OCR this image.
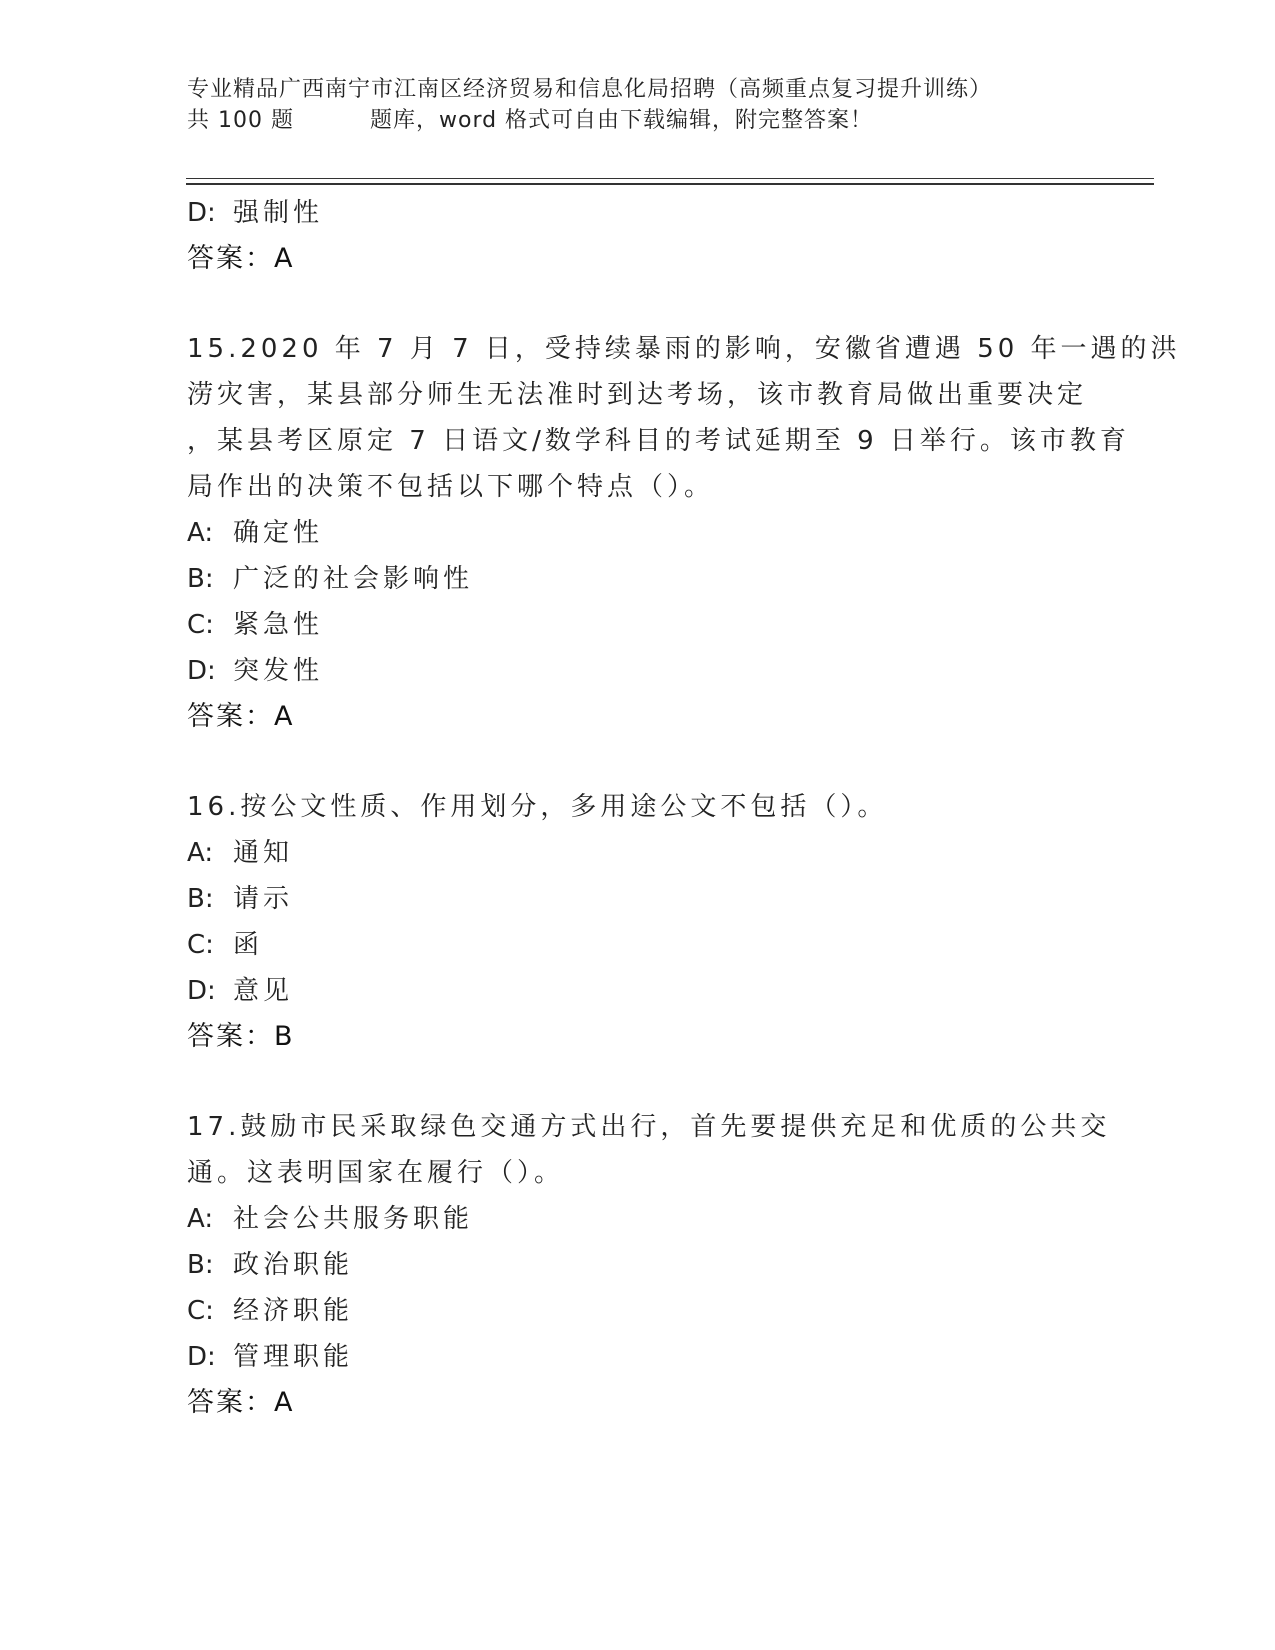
专业精品广西南宁市江南区经济贸易和信息化局招聘（高频重点复习提升训练）
共 100 题	题库，word 格式可自由下载编辑，附完整答案！
D: 强制性
答案：A
15.2020 年 7 月 7 日，受持续暴雨的影响，安徽省遭遇 50 年一遇的洪
涝灾害，某县部分师生无法准时到达考场，该市教育局做出重要决定
，某县考区原定 7 日语文/数学科目的考试延期至 9 日举行。该市教育
局作出的决策不包括以下哪个特点（）。
A: 确定性
B: 广泛的社会影响性
C: 紧急性
D: 突发性
答案：A
16.按公文性质、作用划分，多用途公文不包括（）。
A: 通知
B: 请示
C: 函
D: 意见
答案：B
17.鼓励市民采取绿色交通方式出行，首先要提供充足和优质的公共交
通。这表明国家在履行（）。
A: 社会公共服务职能
B: 政治职能
C: 经济职能
D: 管理职能
答案：A
